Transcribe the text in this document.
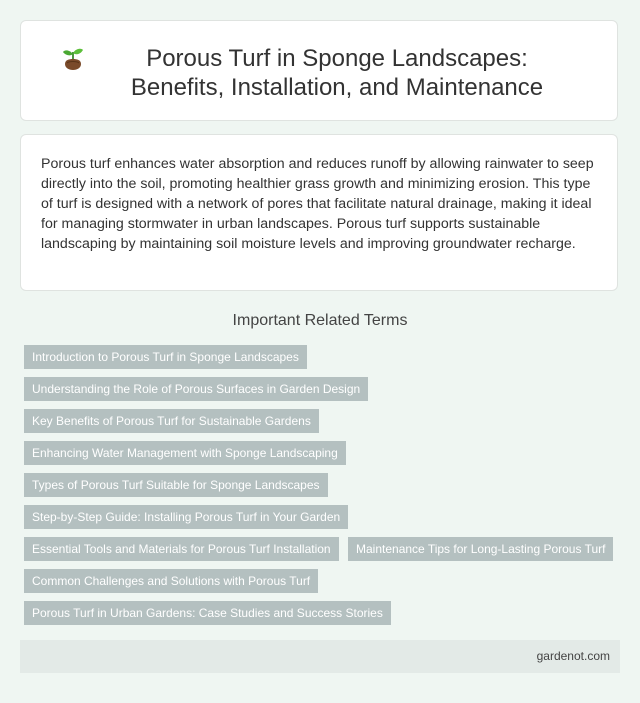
Porous Turf in Sponge Landscapes: Benefits, Installation, and Maintenance

Porous turf enhances water absorption and reduces runoff by allowing rainwater to seep directly into the soil, promoting healthier grass growth and minimizing erosion. This type of turf is designed with a network of pores that facilitate natural drainage, making it ideal for managing stormwater in urban landscapes. Porous turf supports sustainable landscaping by maintaining soil moisture levels and improving groundwater recharge.

Important Related Terms
Introduction to Porous Turf in Sponge Landscapes
Understanding the Role of Porous Surfaces in Garden Design
Key Benefits of Porous Turf for Sustainable Gardens
Enhancing Water Management with Sponge Landscaping
Types of Porous Turf Suitable for Sponge Landscapes
Step-by-Step Guide: Installing Porous Turf in Your Garden
Essential Tools and Materials for Porous Turf Installation	Maintenance Tips for Long-Lasting Porous Turf
Common Challenges and Solutions with Porous Turf
Porous Turf in Urban Gardens: Case Studies and Success Stories
gardenot.com
